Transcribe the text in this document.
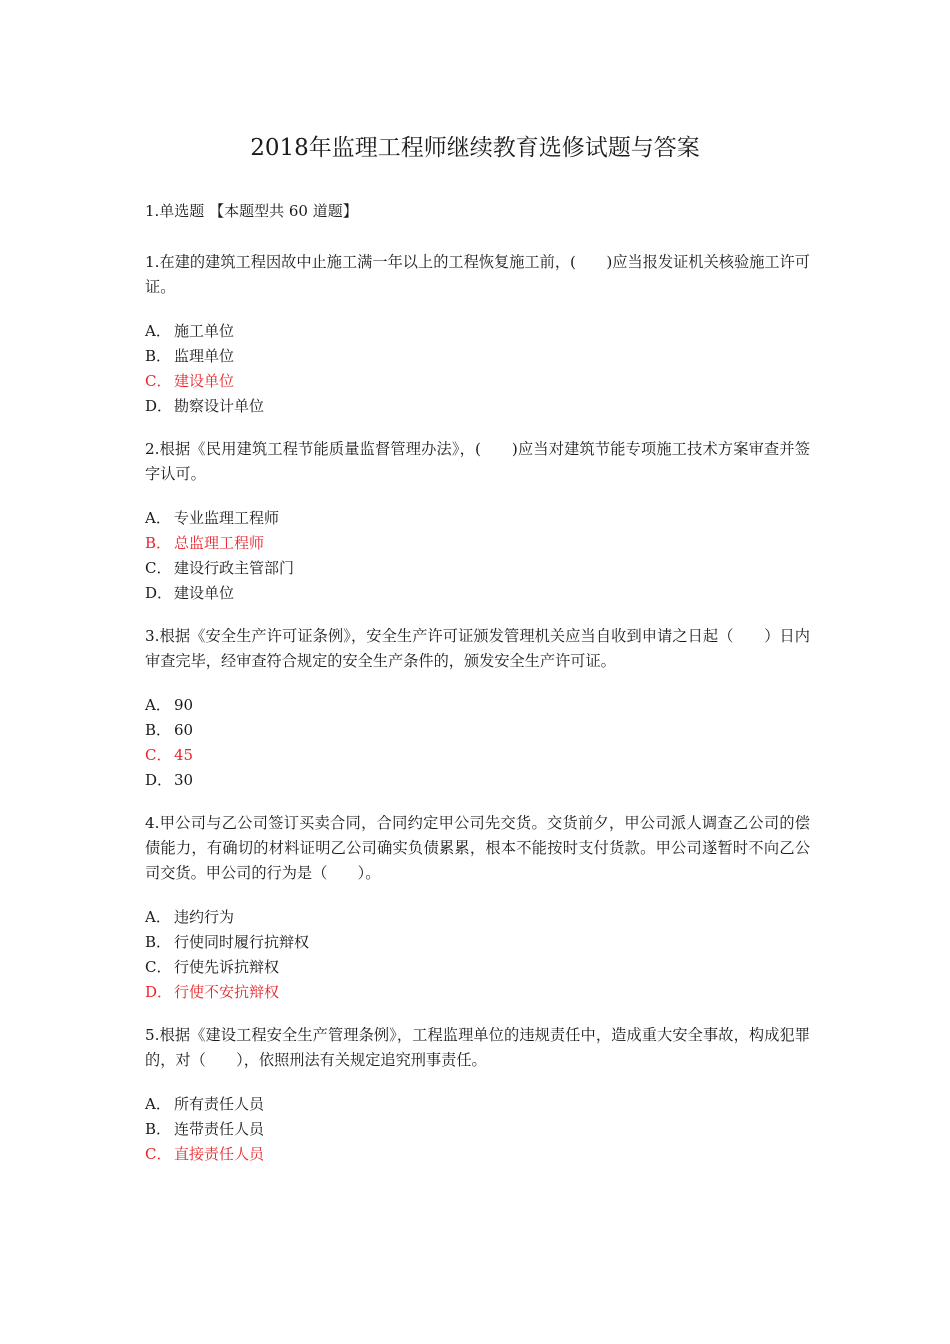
2018年监理工程师继续教育选修试题与答案
1.单选题 【本题型共 60 道题】

1.在建的建筑工程因故中止施工满一年以上的工程恢复施工前，(　　)应当报发证机关核验施工许可证。

A． 施工单位
B． 监理单位
C． 建设单位
D． 勘察设计单位

2.根据《民用建筑工程节能质量监督管理办法》，(　　)应当对建筑节能专项施工技术方案审查并签字认可。

A． 专业监理工程师
B． 总监理工程师
C． 建设行政主管部门
D． 建设单位

3.根据《安全生产许可证条例》，安全生产许可证颁发管理机关应当自收到申请之日起（　　）日内审查完毕，经审查符合规定的安全生产条件的，颁发安全生产许可证。

A． 90
B． 60
C． 45
D． 30

4.甲公司与乙公司签订买卖合同，合同约定甲公司先交货。交货前夕，甲公司派人调查乙公司的偿债能力，有确切的材料证明乙公司确实负债累累，根本不能按时支付货款。甲公司遂暂时不向乙公司交货。甲公司的行为是（　　）。

A． 违约行为
B． 行使同时履行抗辩权
C． 行使先诉抗辩权
D． 行使不安抗辩权

5.根据《建设工程安全生产管理条例》，工程监理单位的违规责任中，造成重大安全事故，构成犯罪的，对（　　），依照刑法有关规定追究刑事责任。

A． 所有责任人员
B． 连带责任人员
C． 直接责任人员
